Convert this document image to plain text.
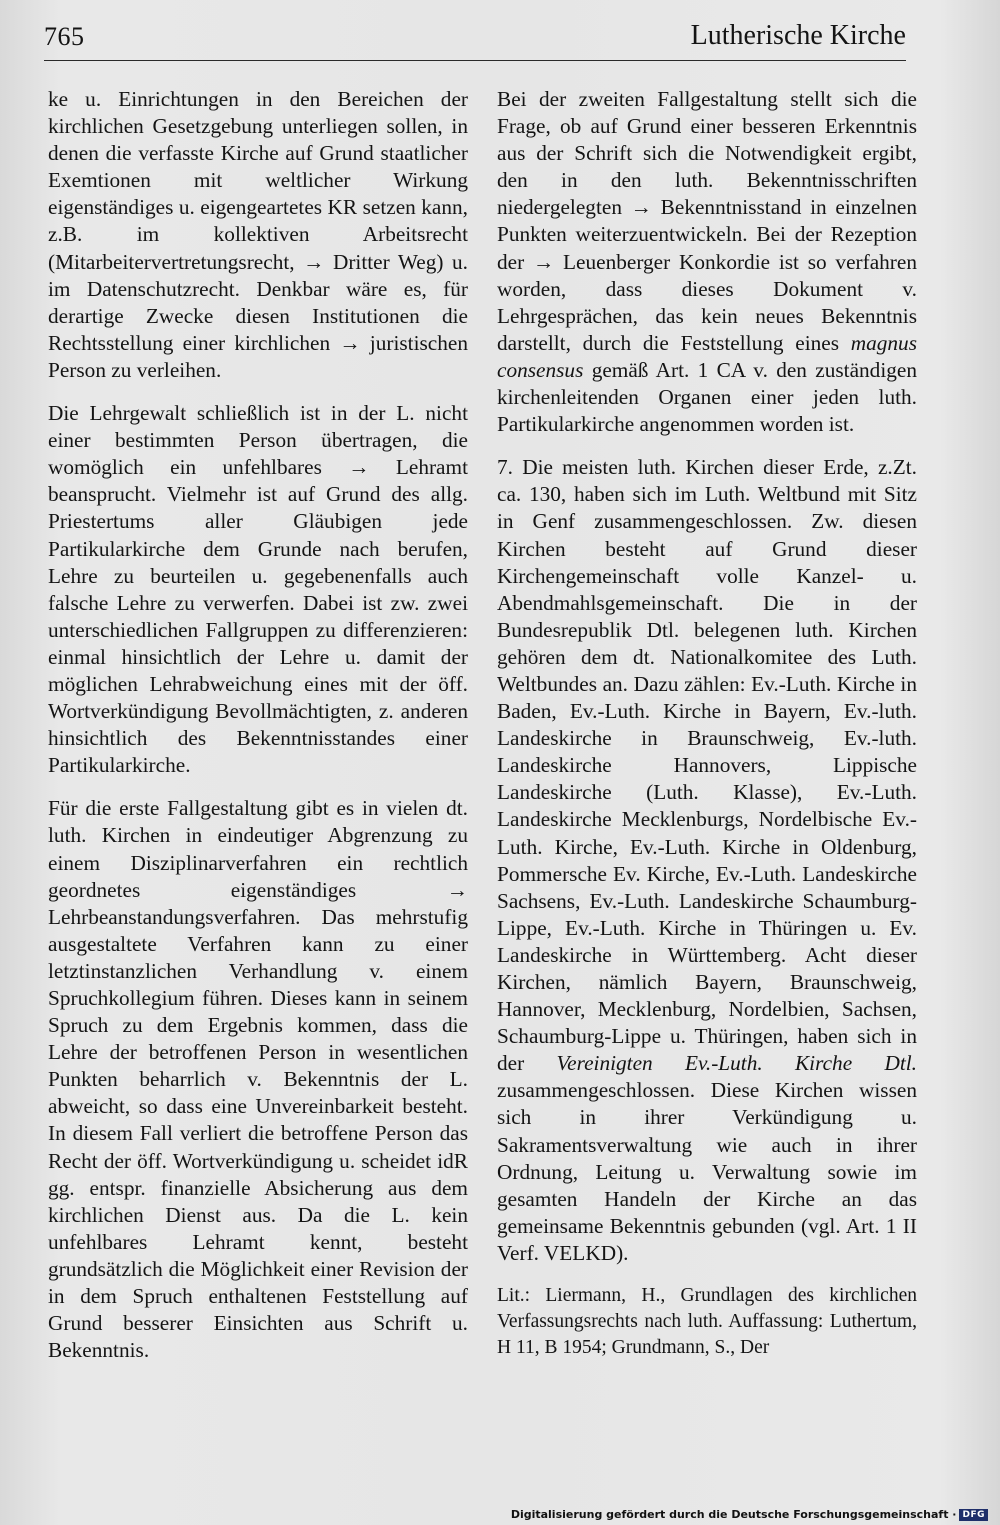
765	Lutherische Kirche

ke u. Einrichtungen in den Bereichen der kirchlichen Gesetzgebung unterliegen sollen, in denen die verfasste Kirche auf Grund staatlicher Exemtionen mit weltlicher Wirkung eigenständiges u. eigengeartetes KR setzen kann, z.B. im kollektiven Arbeitsrecht (Mitarbeitervertretungsrecht, → Dritter Weg) u. im Datenschutzrecht. Denkbar wäre es, für derartige Zwecke diesen Institutionen die Rechtsstellung einer kirchlichen → juristischen Person zu verleihen.

Die Lehrgewalt schließlich ist in der L. nicht einer bestimmten Person übertragen, die womöglich ein unfehlbares → Lehramt beansprucht. Vielmehr ist auf Grund des allg. Priestertums aller Gläubigen jede Partikularkirche dem Grunde nach berufen, Lehre zu beurteilen u. gegebenenfalls auch falsche Lehre zu verwerfen. Dabei ist zw. zwei unterschiedlichen Fallgruppen zu differenzieren: einmal hinsichtlich der Lehre u. damit der möglichen Lehrabweichung eines mit der öff. Wortverkündigung Bevollmächtigten, z. anderen hinsichtlich des Bekenntnisstandes einer Partikularkirche.

Für die erste Fallgestaltung gibt es in vielen dt. luth. Kirchen in eindeutiger Abgrenzung zu einem Disziplinarverfahren ein rechtlich geordnetes eigenständiges → Lehrbeanstandungsverfahren. Das mehrstufig ausgestaltete Verfahren kann zu einer letztinstanzlichen Verhandlung v. einem Spruchkollegium führen. Dieses kann in seinem Spruch zu dem Ergebnis kommen, dass die Lehre der betroffenen Person in wesentlichen Punkten beharrlich v. Bekenntnis der L. abweicht, so dass eine Unvereinbarkeit besteht. In diesem Fall verliert die betroffene Person das Recht der öff. Wortverkündigung u. scheidet idR gg. entspr. finanzielle Absicherung aus dem kirchlichen Dienst aus. Da die L. kein unfehlbares Lehramt kennt, besteht grundsätzlich die Möglichkeit einer Revision der in dem Spruch enthaltenen Feststellung auf Grund besserer Einsichten aus Schrift u. Bekenntnis.

Bei der zweiten Fallgestaltung stellt sich die Frage, ob auf Grund einer besseren Erkenntnis aus der Schrift sich die Notwendigkeit ergibt, den in den luth. Bekenntnisschriften niedergelegten → Bekenntnisstand in einzelnen Punkten weiterzuentwickeln. Bei der Rezeption der → Leuenberger Konkordie ist so verfahren worden, dass dieses Dokument v. Lehrgesprächen, das kein neues Bekenntnis darstellt, durch die Feststellung eines magnus consensus gemäß Art. 1 CA v. den zuständigen kirchenleitenden Organen einer jeden luth. Partikularkirche angenommen worden ist.

7. Die meisten luth. Kirchen dieser Erde, z.Zt. ca. 130, haben sich im Luth. Weltbund mit Sitz in Genf zusammengeschlossen. Zw. diesen Kirchen besteht auf Grund dieser Kirchengemeinschaft volle Kanzel- u. Abendmahlsgemeinschaft. Die in der Bundesrepublik Dtl. belegenen luth. Kirchen gehören dem dt. Nationalkomitee des Luth. Weltbundes an. Dazu zählen: Ev.-Luth. Kirche in Baden, Ev.-Luth. Kirche in Bayern, Ev.-luth. Landeskirche in Braunschweig, Ev.-luth. Landeskirche Hannovers, Lippische Landeskirche (Luth. Klasse), Ev.-Luth. Landeskirche Mecklenburgs, Nordelbische Ev.-Luth. Kirche, Ev.-Luth. Kirche in Oldenburg, Pommersche Ev. Kirche, Ev.-Luth. Landeskirche Sachsens, Ev.-Luth. Landeskirche Schaumburg-Lippe, Ev.-Luth. Kirche in Thüringen u. Ev. Landeskirche in Württemberg. Acht dieser Kirchen, nämlich Bayern, Braunschweig, Hannover, Mecklenburg, Nordelbien, Sachsen, Schaumburg-Lippe u. Thüringen, haben sich in der Vereinigten Ev.-Luth. Kirche Dtl. zusammengeschlossen. Diese Kirchen wissen sich in ihrer Verkündigung u. Sakramentsverwaltung wie auch in ihrer Ordnung, Leitung u. Verwaltung sowie im gesamten Handeln der Kirche an das gemeinsame Bekenntnis gebunden (vgl. Art. 1 II Verf. VELKD).

Lit.: Liermann, H., Grundlagen des kirchlichen Verfassungsrechts nach luth. Auffassung: Luthertum, H 11, B 1954; Grundmann, S., Der

Digitalisierung gefördert durch die Deutsche Forschungsgemeinschaft · DFG
